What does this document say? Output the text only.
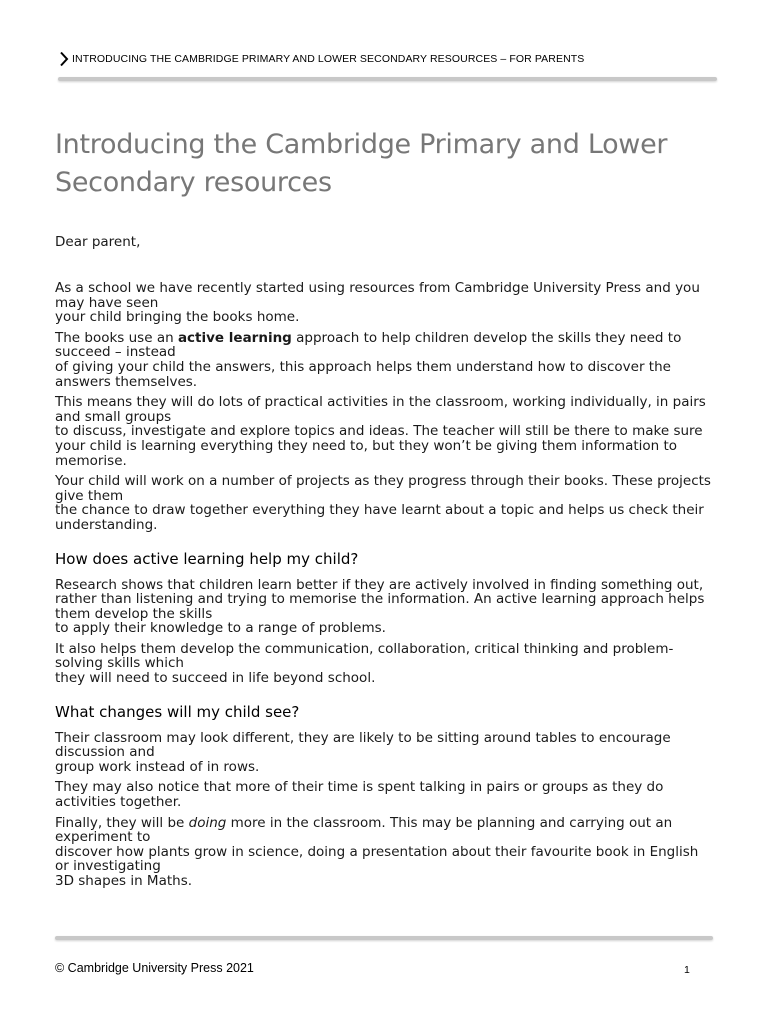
INTRODUCING THE CAMBRIDGE PRIMARY AND LOWER SECONDARY RESOURCES – FOR PARENTS
Introducing the Cambridge Primary and Lower
Secondary resources

Dear parent,

As a school we have recently started using resources from Cambridge University Press and you may have seen
your child bringing the books home.

The books use an active learning approach to help children develop the skills they need to succeed – instead
of giving your child the answers, this approach helps them understand how to discover the answers themselves.

This means they will do lots of practical activities in the classroom, working individually, in pairs and small groups
to discuss, investigate and explore topics and ideas. The teacher will still be there to make sure your child is learning everything they need to, but they won’t be giving them information to memorise.

Your child will work on a number of projects as they progress through their books. These projects give them
the chance to draw together everything they have learnt about a topic and helps us check their understanding.

How does active learning help my child?

Research shows that children learn better if they are actively involved in finding something out, rather than listening and trying to memorise the information. An active learning approach helps them develop the skills
to apply their knowledge to a range of problems.

It also helps them develop the communication, collaboration, critical thinking and problem-solving skills which
they will need to succeed in life beyond school.

What changes will my child see?

Their classroom may look different, they are likely to be sitting around tables to encourage discussion and
group work instead of in rows.

They may also notice that more of their time is spent talking in pairs or groups as they do activities together.

Finally, they will be doing more in the classroom. This may be planning and carrying out an experiment to
discover how plants grow in science, doing a presentation about their favourite book in English or investigating
3D shapes in Maths.

© Cambridge University Press 2021	1
